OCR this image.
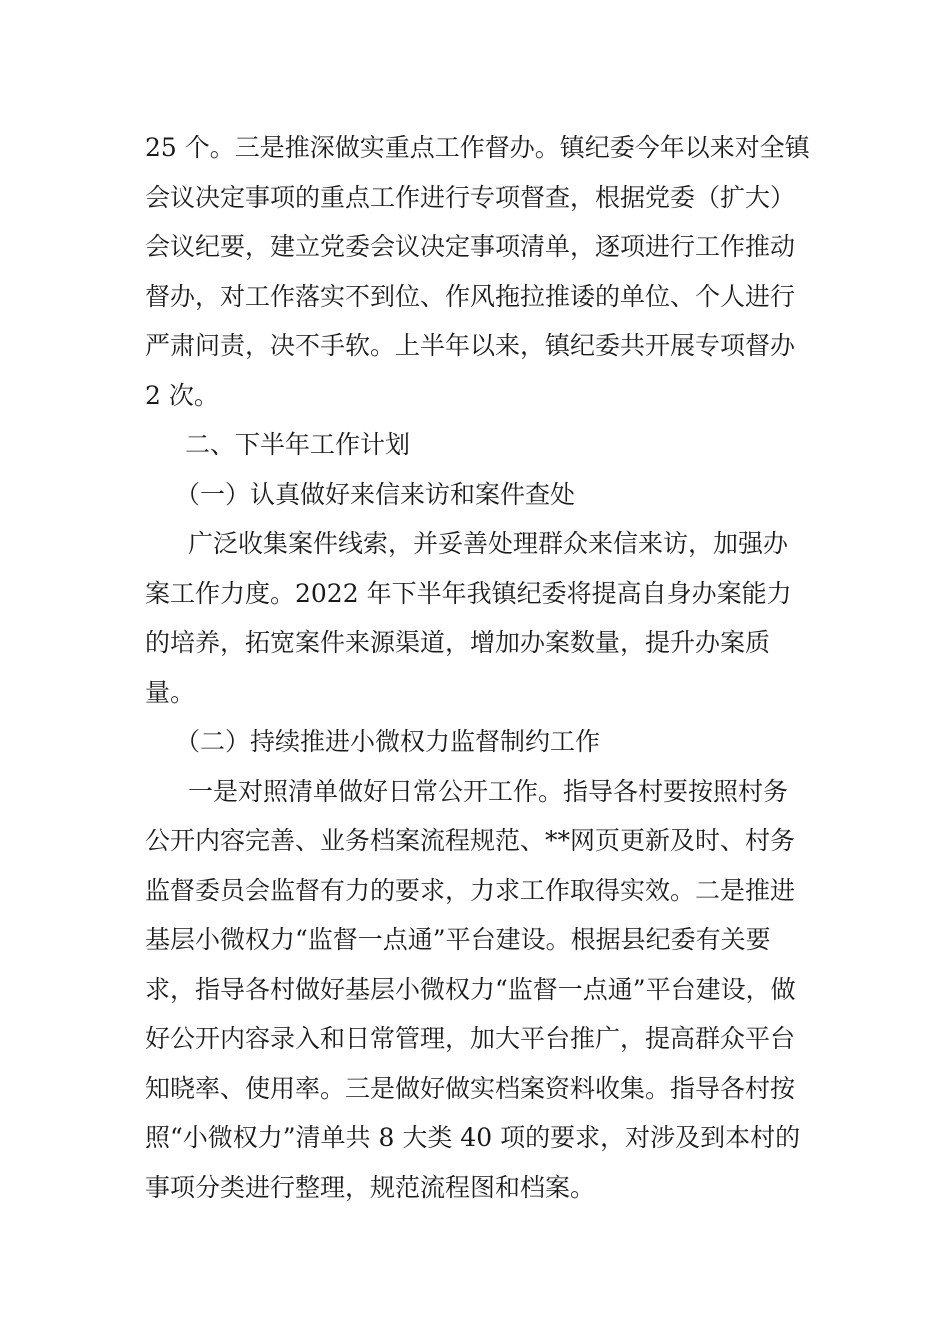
25 个。三是推深做实重点工作督办。镇纪委今年以来对全镇会议决定事项的重点工作进行专项督查，根据党委（扩大）会议纪要，建立党委会议决定事项清单，逐项进行工作推动督办，对工作落实不到位、作风拖拉推诿的单位、个人进行严肃问责，决不手软。上半年以来，镇纪委共开展专项督办 2 次。

二、下半年工作计划

（一）认真做好来信来访和案件查处

广泛收集案件线索，并妥善处理群众来信来访，加强办案工作力度。2022 年下半年我镇纪委将提高自身办案能力的培养，拓宽案件来源渠道，增加办案数量，提升办案质量。

（二）持续推进小微权力监督制约工作

一是对照清单做好日常公开工作。指导各村要按照村务公开内容完善、业务档案流程规范、**网页更新及时、村务监督委员会监督有力的要求，力求工作取得实效。二是推进基层小微权力“监督一点通”平台建设。根据县纪委有关要求，指导各村做好基层小微权力“监督一点通”平台建设，做好公开内容录入和日常管理，加大平台推广，提高群众平台知晓率、使用率。三是做好做实档案资料收集。指导各村按照“小微权力”清单共 8 大类 40 项的要求，对涉及到本村的事项分类进行整理，规范流程图和档案。
